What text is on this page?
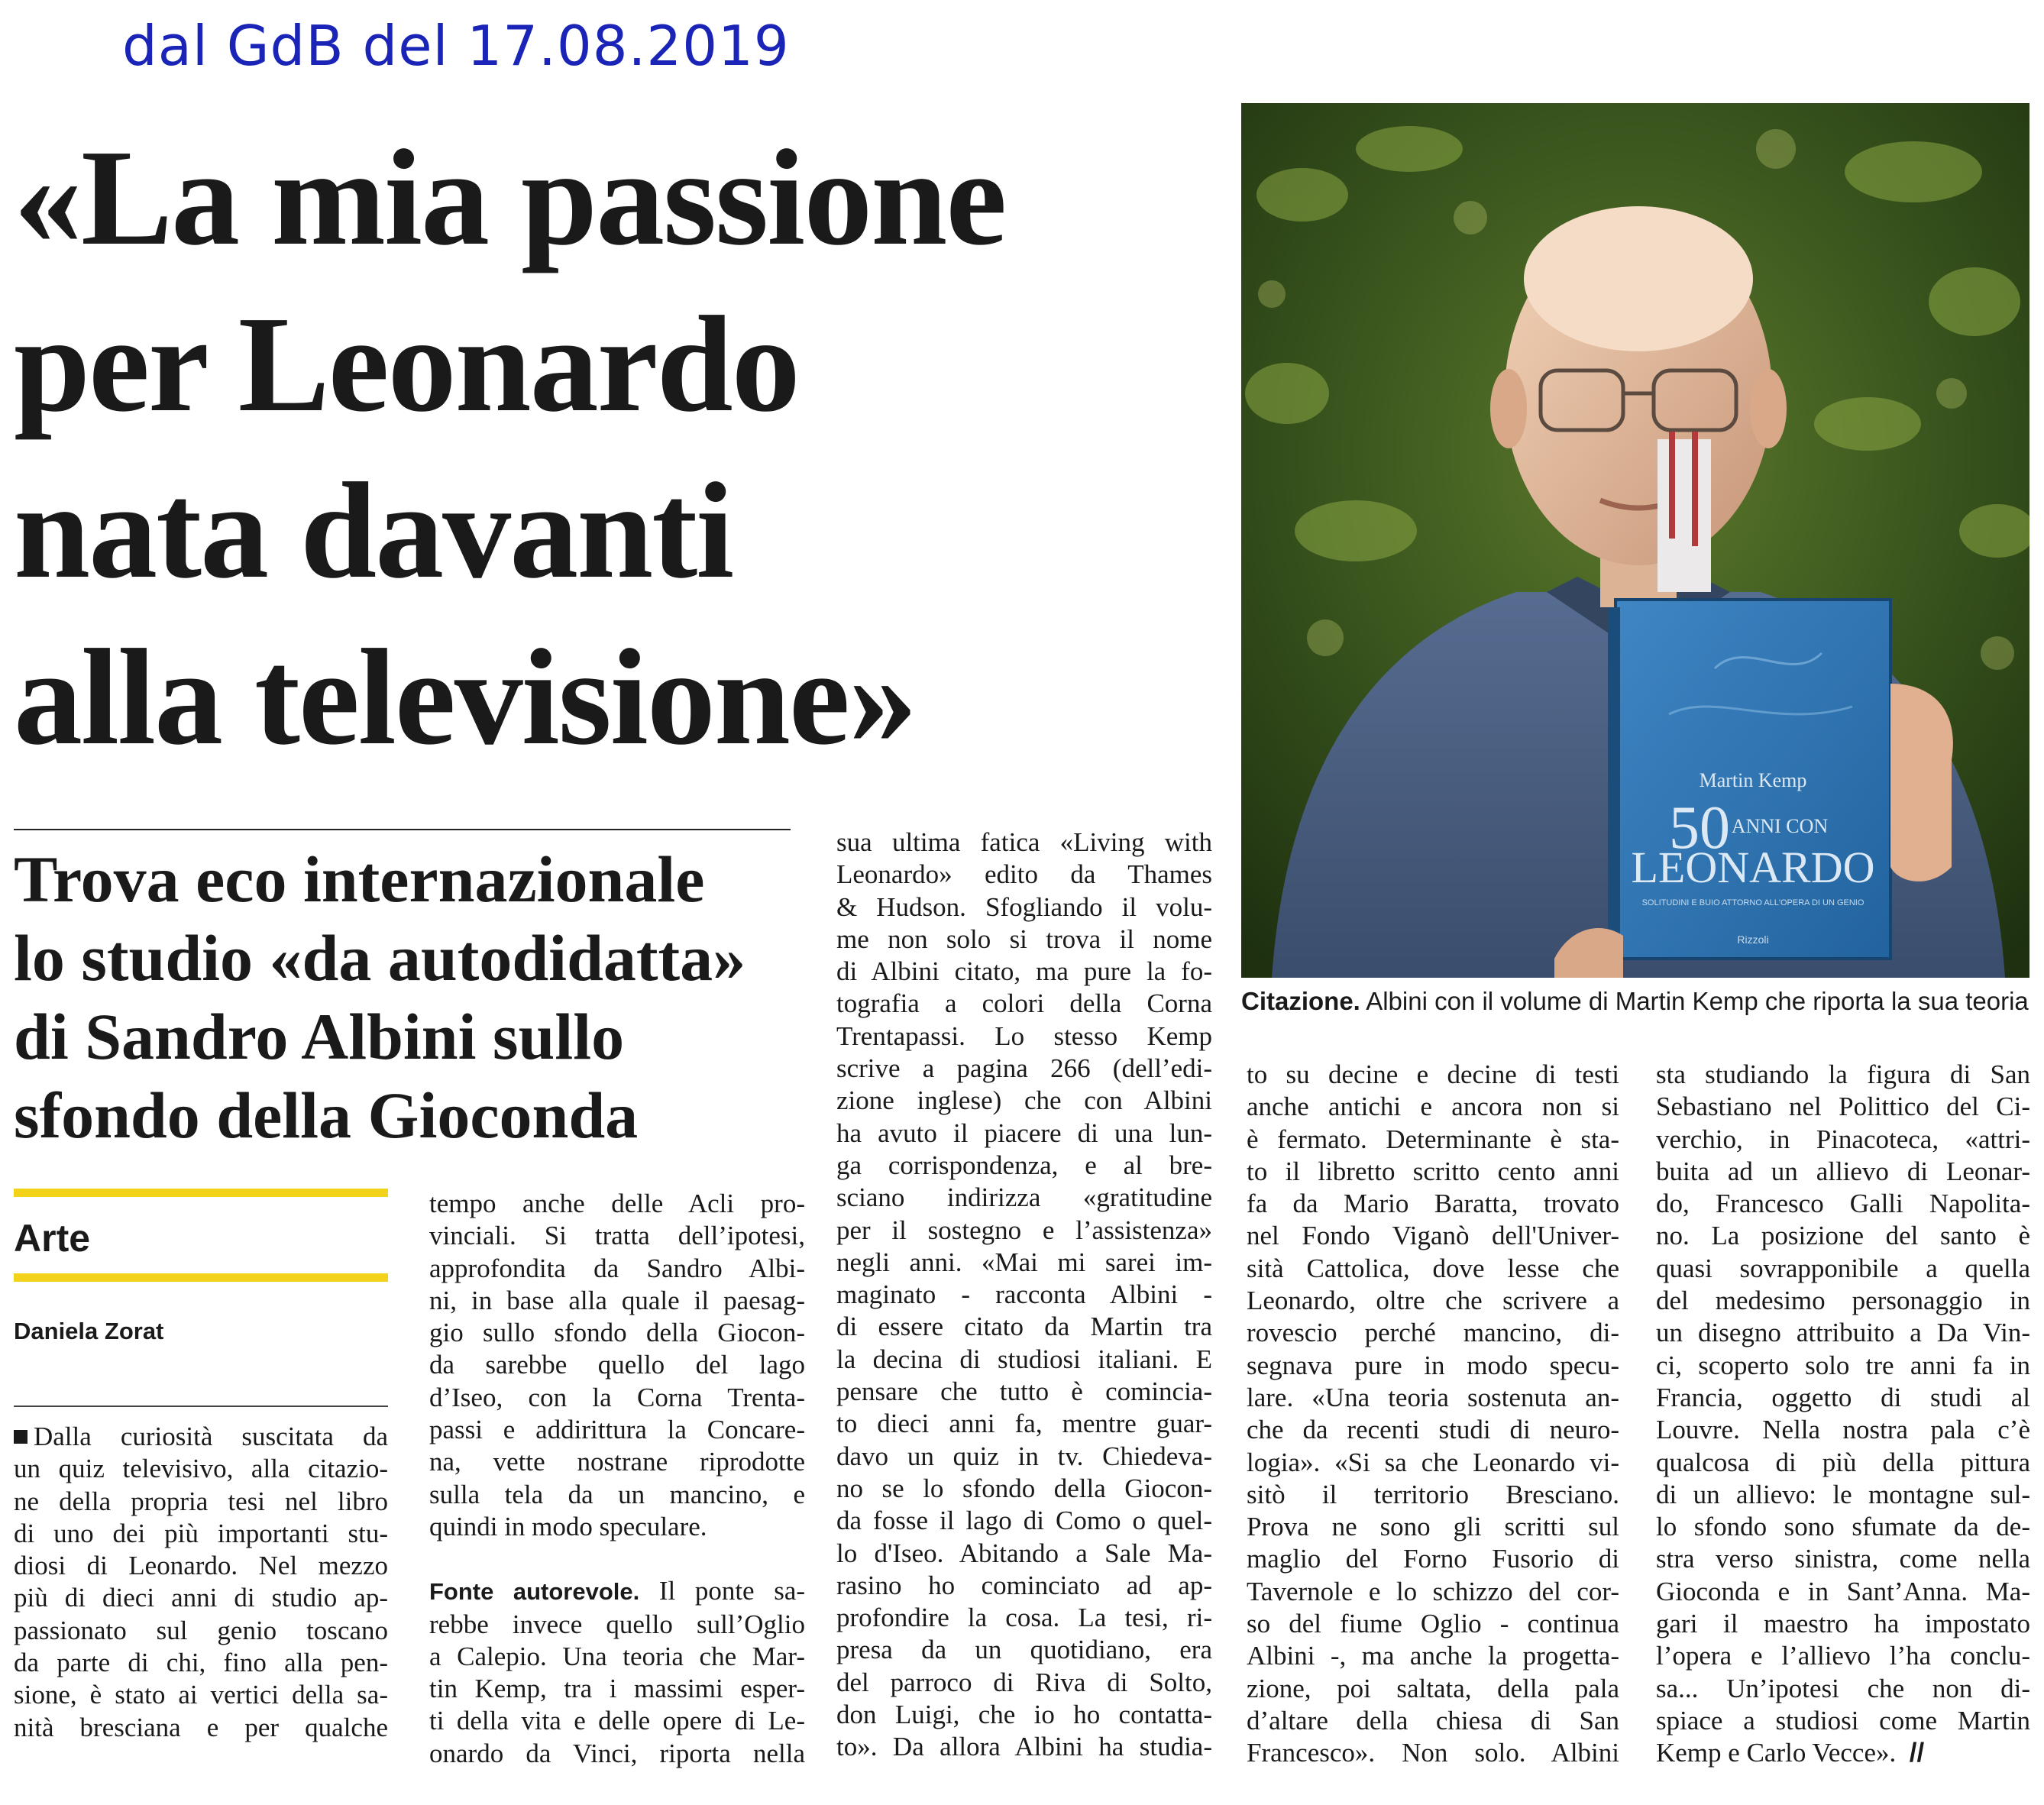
dal GdB del 17.08.2019
«La mia passione
per Leonardo
nata davanti
alla televisione»
Martin Kemp
50 ANNI CON
LEONARDO
SOLITUDINI E BUIO ATTORNO ALL'OPERA DI UN GENIO
Rizzoli
Citazione. Albini con il volume di Martin Kemp che riporta la sua teoria
Trova eco internazionale
lo studio «da autodidatta»
di Sandro Albini sullo
sfondo della Gioconda
Arte
Daniela Zorat
Dalla curiosità suscitata da
un quiz televisivo, alla citazio-
ne della propria tesi nel libro
di uno dei più importanti stu-
diosi di Leonardo. Nel mezzo
più di dieci anni di studio ap-
passionato sul genio toscano
da parte di chi, fino alla pen-
sione, è stato ai vertici della sa-
nità bresciana e per qualche
tempo anche delle Acli pro-
vinciali. Si tratta dell’ipotesi,
approfondita da Sandro Albi-
ni, in base alla quale il paesag-
gio sullo sfondo della Giocon-
da sarebbe quello del lago
d’Iseo, con la Corna Trenta-
passi e addirittura la Concare-
na, vette nostrane riprodotte
sulla tela da un mancino, e
quindi in modo speculare.
Fonte autorevole. Il ponte sa-
rebbe invece quello sull’Oglio
a Calepio. Una teoria che Mar-
tin Kemp, tra i massimi esper-
ti della vita e delle opere di Le-
onardo da Vinci, riporta nella
sua ultima fatica «Living with
Leonardo» edito da Thames
& Hudson. Sfogliando il volu-
me non solo si trova il nome
di Albini citato, ma pure la fo-
tografia a colori della Corna
Trentapassi. Lo stesso Kemp
scrive a pagina 266 (dell’edi-
zione inglese) che con Albini
ha avuto il piacere di una lun-
ga corrispondenza, e al bre-
sciano indirizza «gratitudine
per il sostegno e l’assistenza»
negli anni. «Mai mi sarei im-
maginato - racconta Albini -
di essere citato da Martin tra
la decina di studiosi italiani. E
pensare che tutto è comincia-
to dieci anni fa, mentre guar-
davo un quiz in tv. Chiedeva-
no se lo sfondo della Giocon-
da fosse il lago di Como o quel-
lo d'Iseo. Abitando a Sale Ma-
rasino ho cominciato ad ap-
profondire la cosa. La tesi, ri-
presa da un quotidiano, era
del parroco di Riva di Solto,
don Luigi, che io ho contatta-
to». Da allora Albini ha studia-
to su decine e decine di testi
anche antichi e ancora non si
è fermato. Determinante è sta-
to il libretto scritto cento anni
fa da Mario Baratta, trovato
nel Fondo Viganò dell'Univer-
sità Cattolica, dove lesse che
Leonardo, oltre che scrivere a
rovescio perché mancino, di-
segnava pure in modo specu-
lare. «Una teoria sostenuta an-
che da recenti studi di neuro-
logia». «Si sa che Leonardo vi-
sitò il territorio Bresciano.
Prova ne sono gli scritti sul
maglio del Forno Fusorio di
Tavernole e lo schizzo del cor-
so del fiume Oglio - continua
Albini -, ma anche la progetta-
zione, poi saltata, della pala
d’altare della chiesa di San
Francesco». Non solo. Albini
sta studiando la figura di San
Sebastiano nel Polittico del Ci-
verchio, in Pinacoteca, «attri-
buita ad un allievo di Leonar-
do, Francesco Galli Napolita-
no. La posizione del santo è
quasi sovrapponibile a quella
del medesimo personaggio in
un disegno attribuito a Da Vin-
ci, scoperto solo tre anni fa in
Francia, oggetto di studi al
Louvre. Nella nostra pala c’è
qualcosa di più della pittura
di un allievo: le montagne sul-
lo sfondo sono sfumate da de-
stra verso sinistra, come nella
Gioconda e in Sant’Anna. Ma-
gari il maestro ha impostato
l’opera e l’allievo l’ha conclu-
sa... Un’ipotesi che non di-
spiace a studiosi come Martin
Kemp e Carlo Vecce». //
